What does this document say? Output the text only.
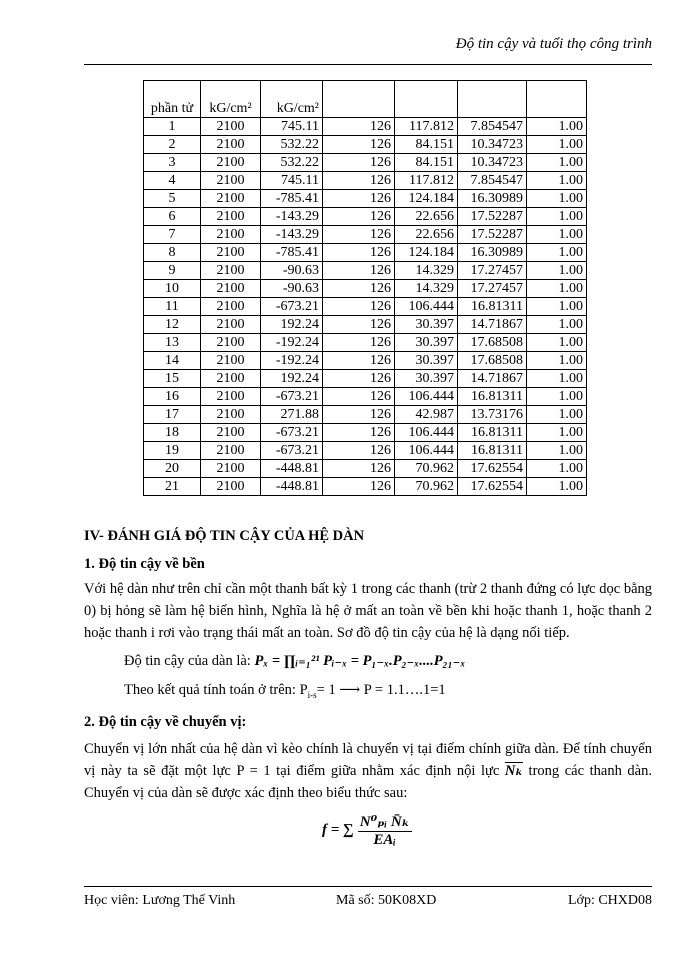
Độ tin cậy và tuổi thọ công trình
phần tử	kG/cm²	kG/cm²				
1	2100	745.11	126	117.812	7.854547	1.00
2	2100	532.22	126	84.151	10.34723	1.00
3	2100	532.22	126	84.151	10.34723	1.00
4	2100	745.11	126	117.812	7.854547	1.00
5	2100	-785.41	126	124.184	16.30989	1.00
6	2100	-143.29	126	22.656	17.52287	1.00
7	2100	-143.29	126	22.656	17.52287	1.00
8	2100	-785.41	126	124.184	16.30989	1.00
9	2100	-90.63	126	14.329	17.27457	1.00
10	2100	-90.63	126	14.329	17.27457	1.00
11	2100	-673.21	126	106.444	16.81311	1.00
12	2100	192.24	126	30.397	14.71867	1.00
13	2100	-192.24	126	30.397	17.68508	1.00
14	2100	-192.24	126	30.397	17.68508	1.00
15	2100	192.24	126	30.397	14.71867	1.00
16	2100	-673.21	126	106.444	16.81311	1.00
17	2100	271.88	126	42.987	13.73176	1.00
18	2100	-673.21	126	106.444	16.81311	1.00
19	2100	-673.21	126	106.444	16.81311	1.00
20	2100	-448.81	126	70.962	17.62554	1.00
21	2100	-448.81	126	70.962	17.62554	1.00
IV- ĐÁNH GIÁ ĐỘ TIN CẬY CỦA HỆ DÀN
1. Độ tin cậy về bền
Với hệ dàn như trên chỉ cần một thanh bất kỳ 1 trong các thanh (trừ 2 thanh đứng có lực dọc bằng 0) bị hỏng sẽ làm hệ biến hình, Nghĩa là hệ ở mất an toàn về bền khi hoặc thanh 1, hoặc thanh 2 hoặc thanh i rơi vào trạng thái mất an toàn. Sơ đồ độ tin cậy của hệ là dạng nối tiếp.
Độ tin cậy của dàn là: Pₓ = ∏ᵢ₌₁²¹ Pᵢ₋ₓ = P₁₋ₓ.P₂₋ₓ....P₂₁₋ₓ
Theo kết quả tính toán ở trên: $P_{i-s}= 1$ ⟶ P = 1.1….1=1
2. Độ tin cậy về chuyển vị:
Chuyển vị lớn nhất của hệ dàn vì kèo chính là chuyển vị tại điểm chính giữa dàn. Để tính chuyển vị này ta sẽ đặt một lực P = 1 tại điểm giữa nhằm xác định nội lực $\overline{N_k}$ trong các thanh dàn. Chuyển vị của dàn sẽ được xác định theo biểu thức sau:
f = ∑ $\frac{\text{N⁰ₚᵢ N̄ₖ}}{\text{EAᵢ}}$
Học viên: Lương Thế Vinh	Mã số: 50K08XD	Lớp: CHXD08
